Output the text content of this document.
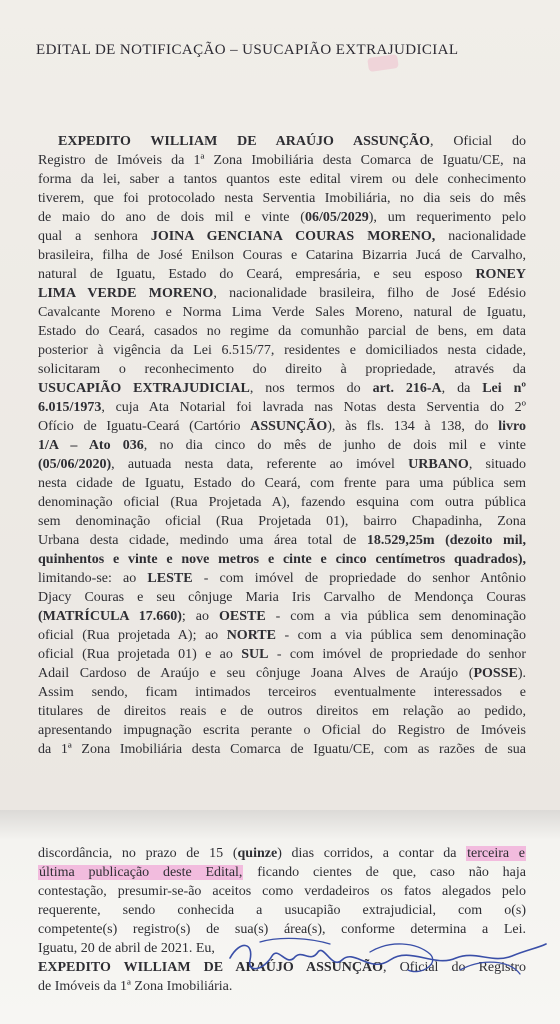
EDITAL DE NOTIFICAÇÃO – USUCAPIÃO EXTRAJUDICIAL
EXPEDITO WILLIAM DE ARAÚJO ASSUNÇÃO, Oficial do
Registro de Imóveis da 1ª Zona Imobiliária desta Comarca de Iguatu/CE, na
forma da lei, saber a tantos quantos este edital virem ou dele conhecimento
tiverem, que foi protocolado nesta Serventia Imobiliária, no dia seis do mês
de maio do ano de dois mil e vinte (06/05/2029), um requerimento pelo
qual a senhora JOINA GENCIANA COURAS MORENO, nacionalidade
brasileira, filha de José Enilson Couras e Catarina Bizarria Jucá de Carvalho,
natural de Iguatu, Estado do Ceará, empresária, e seu esposo RONEY
LIMA VERDE MORENO, nacionalidade brasileira, filho de José Edésio
Cavalcante Moreno e Norma Lima Verde Sales Moreno, natural de Iguatu,
Estado do Ceará, casados no regime da comunhão parcial de bens, em data
posterior à vigência da Lei 6.515/77, residentes e domiciliados nesta cidade,
solicitaram o reconhecimento do direito à propriedade, através da
USUCAPIÃO EXTRAJUDICIAL, nos termos do art. 216-A, da Lei nº
6.015/1973, cuja Ata Notarial foi lavrada nas Notas desta Serventia do 2º
Ofício de Iguatu-Ceará (Cartório ASSUNÇÃO), às fls. 134 à 138, do livro
1/A – Ato 036, no dia cinco do mês de junho de dois mil e vinte
(05/06/2020), autuada nesta data, referente ao imóvel URBANO, situado
nesta cidade de Iguatu, Estado do Ceará, com frente para uma pública sem
denominação oficial (Rua Projetada A), fazendo esquina com outra pública
sem denominação oficial (Rua Projetada 01), bairro Chapadinha, Zona
Urbana desta cidade, medindo uma área total de 18.529,25m (dezoito mil,
quinhentos e vinte e nove metros e cinte e cinco centímetros quadrados),
limitando-se: ao LESTE - com imóvel de propriedade do senhor Antônio
Djacy Couras e seu cônjuge Maria Iris Carvalho de Mendonça Couras
(MATRÍCULA 17.660); ao OESTE - com a via pública sem denominação
oficial (Rua projetada A); ao NORTE - com a via pública sem denominação
oficial (Rua projetada 01) e ao SUL - com imóvel de propriedade do senhor
Adail Cardoso de Araújo e seu cônjuge Joana Alves de Araújo (POSSE).
Assim sendo, ficam intimados terceiros eventualmente interessados e
titulares de direitos reais e de outros direitos em relação ao pedido,
apresentando impugnação escrita perante o Oficial do Registro de Imóveis
da 1ª Zona Imobiliária desta Comarca de Iguatu/CE, com as razões de sua
discordância, no prazo de 15 (quinze) dias corridos, a contar da terceira e
última publicação deste Edital, ficando cientes de que, caso não haja
contestação, presumir-se-ão aceitos como verdadeiros os fatos alegados pelo
requerente, sendo conhecida a usucapião extrajudicial, com o(s)
competente(s) registro(s) de sua(s) área(s), conforme determina a Lei.
Iguatu, 20 de abril de 2021. Eu,
EXPEDITO WILLIAM DE ARAÚJO ASSUNÇÃO, Oficial do Registro
de Imóveis da 1ª Zona Imobiliária.
